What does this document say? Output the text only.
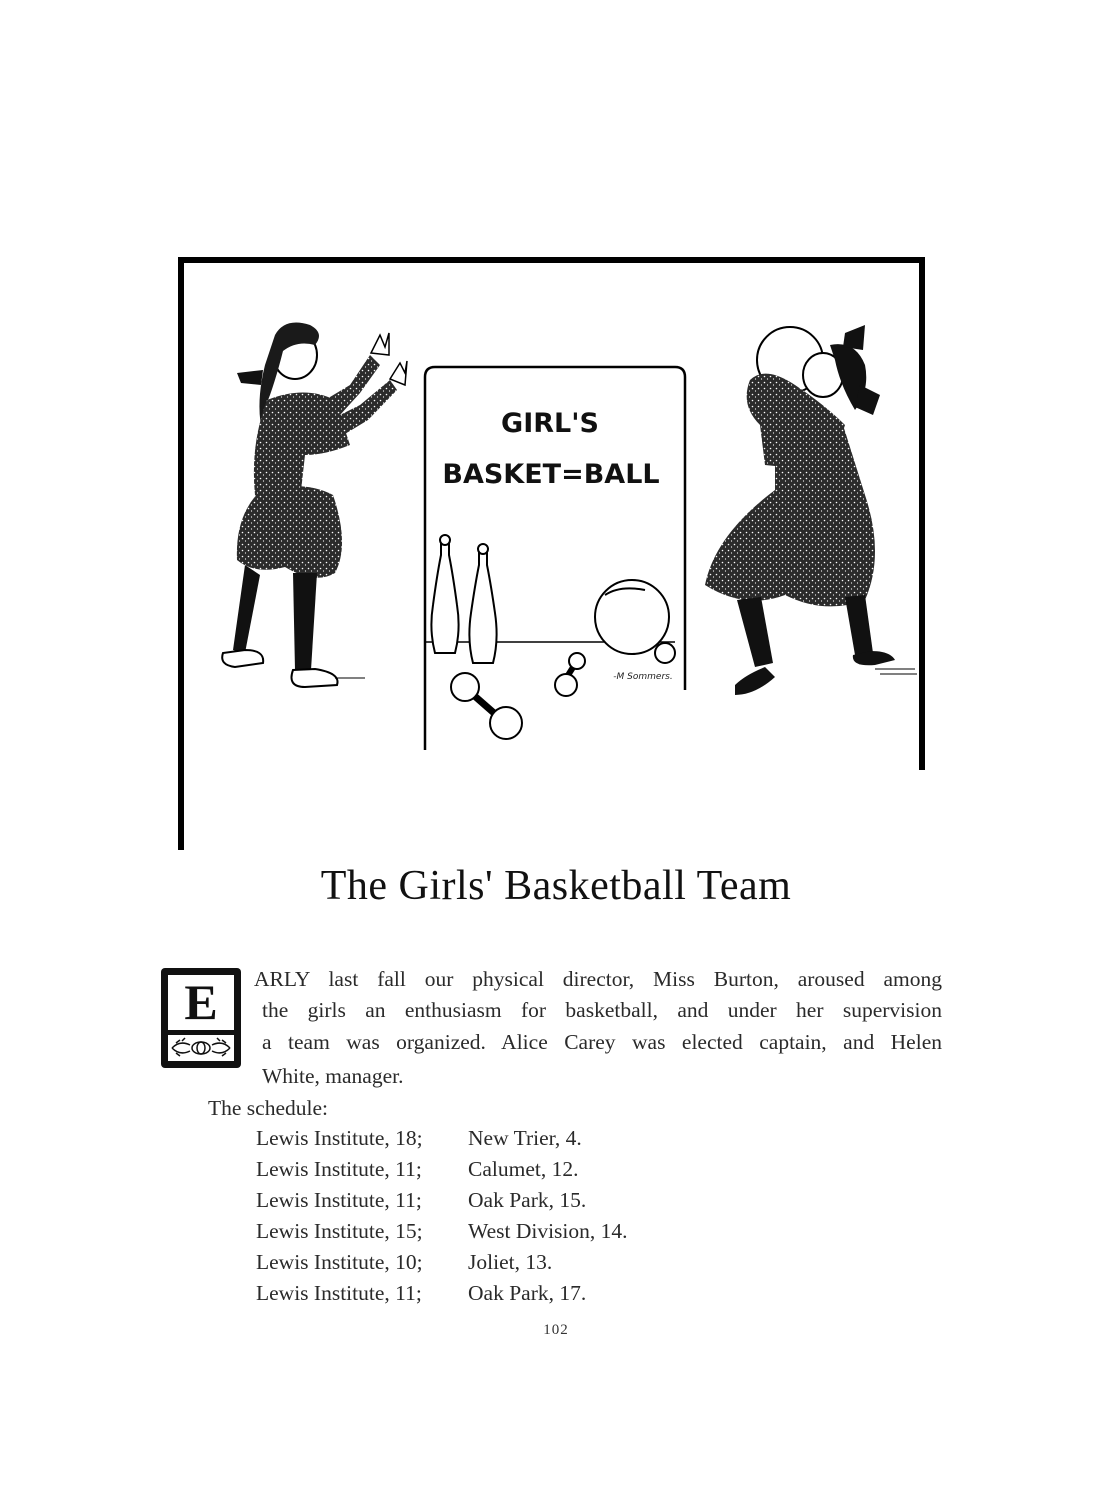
GIRL'S
BASKET=BALL
-M Sommers.
The Girls' Basketball Team
E ARLY last fall our physical director, Miss Burton, aroused among
the girls an enthusiasm for basketball, and under her supervision
a team was organized. Alice Carey was elected captain, and Helen
White, manager.
The schedule:
Lewis Institute, 18; New Trier, 4.
Lewis Institute, 11; Calumet, 12.
Lewis Institute, 11; Oak Park, 15.
Lewis Institute, 15; West Division, 14.
Lewis Institute, 10; Joliet, 13.
Lewis Institute, 11; Oak Park, 17.
102
